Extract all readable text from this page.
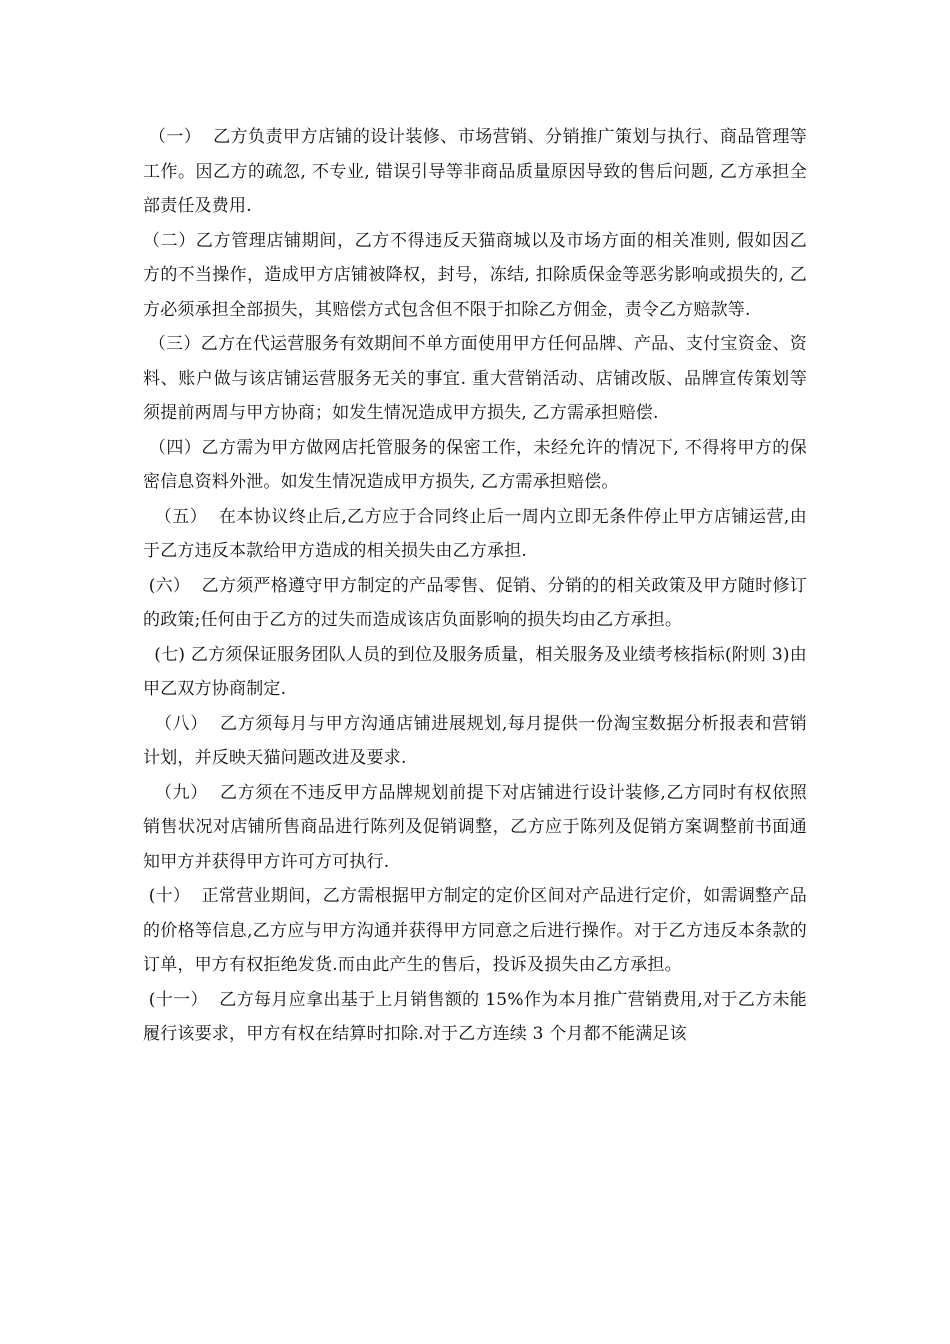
（一）  乙方负责甲方店铺的设计装修、市场营销、分销推广策划与执行、商品管理等工作。因乙方的疏忽, 不专业, 错误引导等非商品质量原因导致的售后问题, 乙方承担全部责任及费用.

（二）乙方管理店铺期间，乙方不得违反天猫商城以及市场方面的相关准则, 假如因乙方的不当操作，造成甲方店铺被降权，封号，冻结, 扣除质保金等恶劣影响或损失的, 乙方必须承担全部损失，其赔偿方式包含但不限于扣除乙方佣金，责令乙方赔款等.

（三）乙方在代运营服务有效期间不单方面使用甲方任何品牌、产品、支付宝资金、资料、账户做与该店铺运营服务无关的事宜. 重大营销活动、店铺改版、品牌宣传策划等须提前两周与甲方协商；如发生情况造成甲方损失, 乙方需承担赔偿.

（四）乙方需为甲方做网店托管服务的保密工作，未经允许的情况下, 不得将甲方的保密信息资料外泄。如发生情况造成甲方损失, 乙方需承担赔偿。

（五）  在本协议终止后,乙方应于合同终止后一周内立即无条件停止甲方店铺运营,由于乙方违反本款给甲方造成的相关损失由乙方承担.

(六）  乙方须严格遵守甲方制定的产品零售、促销、分销的的相关政策及甲方随时修订的政策;任何由于乙方的过失而造成该店负面影响的损失均由乙方承担。

(七) 乙方须保证服务团队人员的到位及服务质量，相关服务及业绩考核指标(附则 3)由甲乙双方协商制定.

（八）  乙方须每月与甲方沟通店铺进展规划,每月提供一份淘宝数据分析报表和营销计划，并反映天猫问题改进及要求.

（九）  乙方须在不违反甲方品牌规划前提下对店铺进行设计装修,乙方同时有权依照销售状况对店铺所售商品进行陈列及促销调整，乙方应于陈列及促销方案调整前书面通知甲方并获得甲方许可方可执行.

(十）  正常营业期间，乙方需根据甲方制定的定价区间对产品进行定价，如需调整产品的价格等信息,乙方应与甲方沟通并获得甲方同意之后进行操作。对于乙方违反本条款的订单，甲方有权拒绝发货.而由此产生的售后，投诉及损失由乙方承担。

(十一）  乙方每月应拿出基于上月销售额的 15%作为本月推广营销费用,对于乙方未能履行该要求，甲方有权在结算时扣除.对于乙方连续 3 个月都不能满足该
